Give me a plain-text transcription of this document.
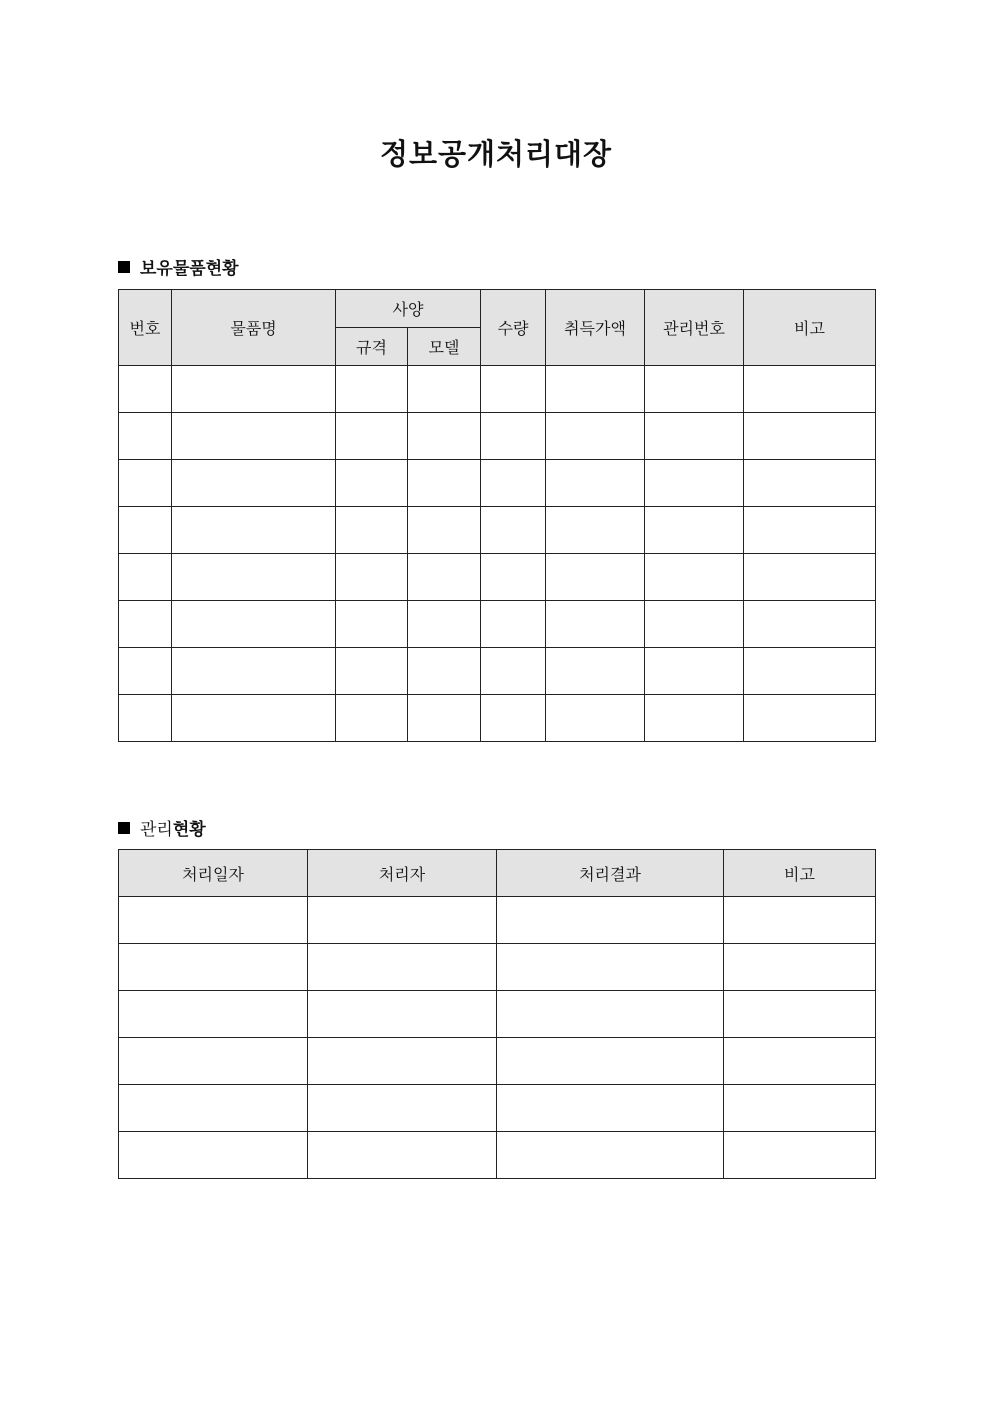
정보공개처리대장
보유물품현황
번호	물품명	사양		수량	취득가액	관리번호	비고
		규격	모델				

관리 현황
처리일자	처리자	처리결과	비고
